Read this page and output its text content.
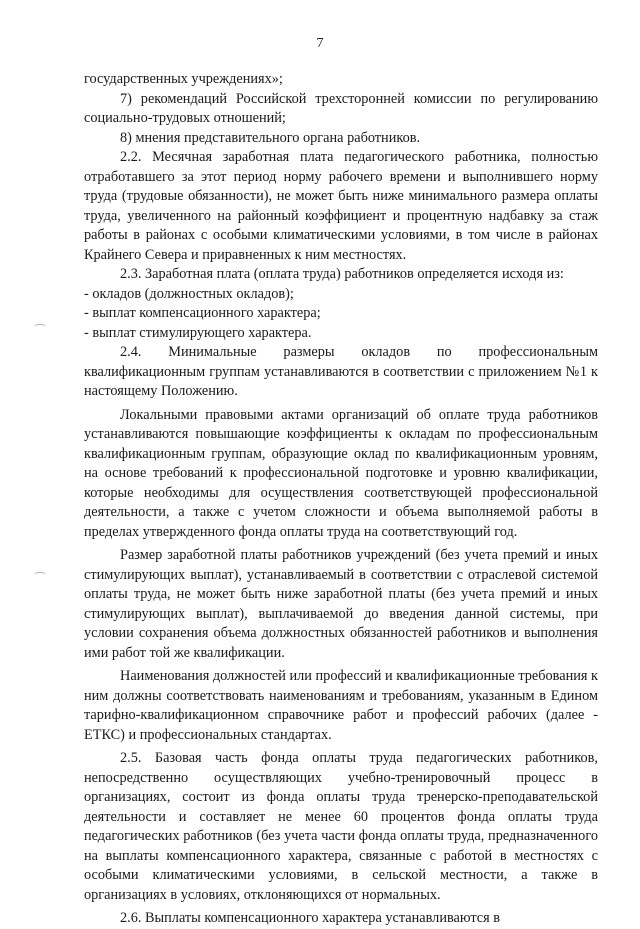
7

государственных учреждениях»;

7) рекомендаций Российской трехсторонней комиссии по регулированию социально-трудовых отношений;

8) мнения представительного органа работников.

2.2. Месячная заработная плата педагогического работника, полностью отработавшего за этот период норму рабочего времени и выполнившего норму труда (трудовые обязанности), не может быть ниже минимального размера оплаты труда, увеличенного на районный коэффициент и процентную надбавку за стаж работы в районах с особыми климатическими условиями, в том числе в районах Крайнего Севера и приравненных к ним местностях.

2.3. Заработная плата (оплата труда) работников определяется исходя из:

- окладов (должностных окладов);

- выплат компенсационного характера;

- выплат стимулирующего характера.

2.4. Минимальные размеры окладов по профессиональным квалификационным группам устанавливаются в соответствии с приложением №1 к настоящему Положению.

Локальными правовыми актами организаций об оплате труда работников устанавливаются повышающие коэффициенты к окладам по профессиональным квалификационным группам, образующие оклад по квалификационным уровням, на основе требований к профессиональной подготовке и уровню квалификации, которые необходимы для осуществления соответствующей профессиональной деятельности, а также с учетом сложности и объема выполняемой работы в пределах утвержденного фонда оплаты труда на соответствующий год.

Размер заработной платы работников учреждений (без учета премий и иных стимулирующих выплат), устанавливаемый в соответствии с отраслевой системой оплаты труда, не может быть ниже заработной платы (без учета премий и иных стимулирующих выплат), выплачиваемой до введения данной системы, при условии сохранения объема должностных обязанностей работников и выполнения ими работ той же квалификации.

Наименования должностей или профессий и квалификационные требования к ним должны соответствовать наименованиям и требованиям, указанным в Едином тарифно-квалификационном справочнике работ и профессий рабочих (далее - ЕТКС) и профессиональных стандартах.

2.5. Базовая часть фонда оплаты труда педагогических работников, непосредственно осуществляющих учебно-тренировочный процесс в организациях, состоит из фонда оплаты труда тренерско-преподавательской деятельности и составляет не менее 60 процентов фонда оплаты труда педагогических работников (без учета части фонда оплаты труда, предназначенного на выплаты компенсационного характера, связанные с работой в местностях с особыми климатическими условиями, в сельской местности, а также в организациях в условиях, отклоняющихся от нормальных.

2.6. Выплаты компенсационного характера устанавливаются в
